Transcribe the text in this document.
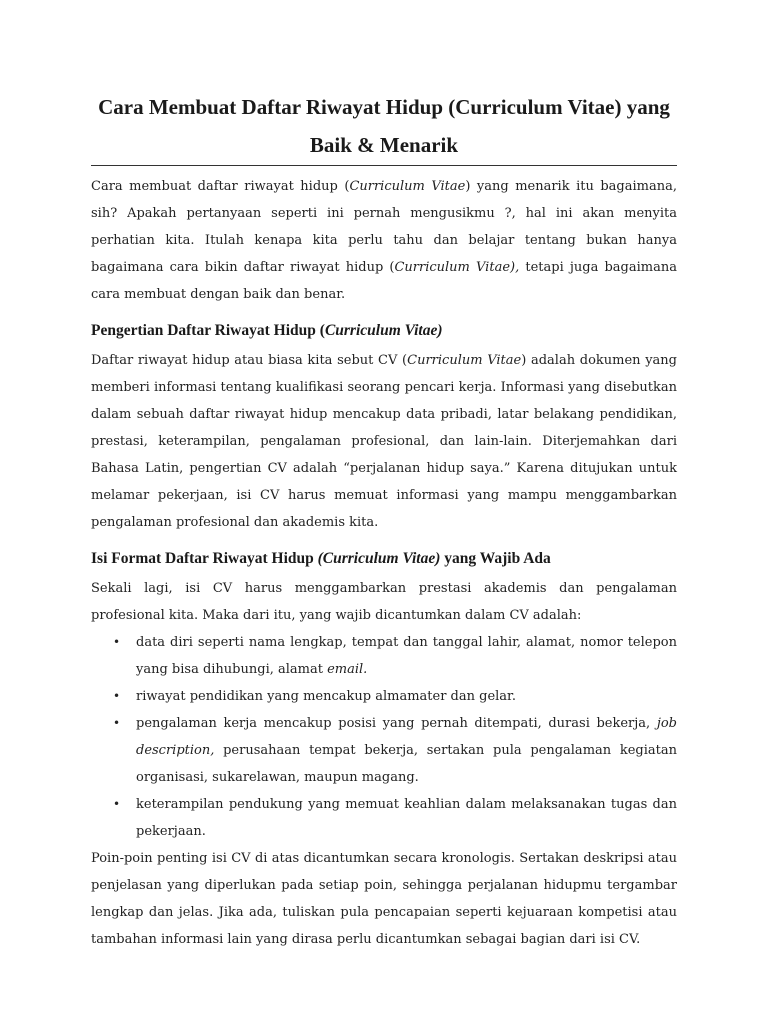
Cara Membuat Daftar Riwayat Hidup (Curriculum Vitae) yang
Baik & Menarik

Cara membuat daftar riwayat hidup (Curriculum Vitae) yang menarik itu bagaimana, sih? Apakah pertanyaan seperti ini pernah mengusikmu ?, hal ini akan menyita perhatian kita. Itulah kenapa kita perlu tahu dan belajar tentang bukan hanya bagaimana cara bikin daftar riwayat hidup (Curriculum Vitae), tetapi juga bagaimana cara membuat dengan baik dan benar.

Pengertian Daftar Riwayat Hidup (Curriculum Vitae)

Daftar riwayat hidup atau biasa kita sebut CV (Curriculum Vitae) adalah dokumen yang memberi informasi tentang kualifikasi seorang pencari kerja. Informasi yang disebutkan dalam sebuah daftar riwayat hidup mencakup data pribadi, latar belakang pendidikan, prestasi, keterampilan, pengalaman profesional, dan lain-lain. Diterjemahkan dari Bahasa Latin, pengertian CV adalah “perjalanan hidup saya.” Karena ditujukan untuk melamar pekerjaan, isi CV harus memuat informasi yang mampu menggambarkan pengalaman profesional dan akademis kita.

Isi Format Daftar Riwayat Hidup (Curriculum Vitae) yang Wajib Ada

Sekali lagi, isi CV harus menggambarkan prestasi akademis dan pengalaman profesional kita. Maka dari itu, yang wajib dicantumkan dalam CV adalah:

• data diri seperti nama lengkap, tempat dan tanggal lahir, alamat, nomor telepon yang bisa dihubungi, alamat email.
• riwayat pendidikan yang mencakup almamater dan gelar.
• pengalaman kerja mencakup posisi yang pernah ditempati, durasi bekerja, job description, perusahaan tempat bekerja, sertakan pula pengalaman kegiatan organisasi, sukarelawan, maupun magang.
• keterampilan pendukung yang memuat keahlian dalam melaksanakan tugas dan pekerjaan.

Poin-poin penting isi CV di atas dicantumkan secara kronologis. Sertakan deskripsi atau penjelasan yang diperlukan pada setiap poin, sehingga perjalanan hidupmu tergambar lengkap dan jelas. Jika ada, tuliskan pula pencapaian seperti kejuaraan kompetisi atau tambahan informasi lain yang dirasa perlu dicantumkan sebagai bagian dari isi CV.
